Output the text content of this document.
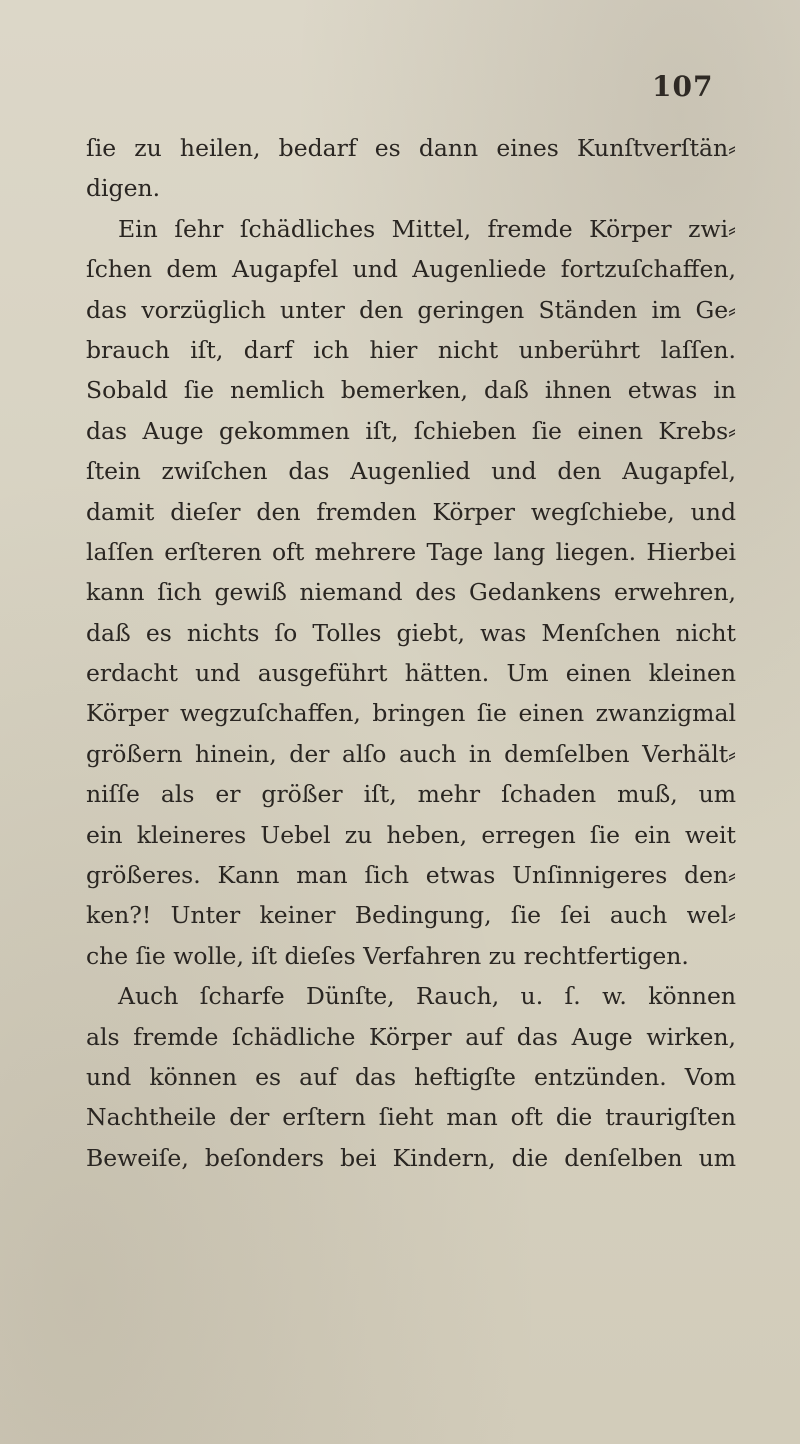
107
ſie zu heilen, bedarf es dann eines Kunſtverſtän⸗
digen.
Ein ſehr ſchädliches Mittel, fremde Körper zwi⸗
ſchen dem Augapfel und Augenliede fortzuſchaffen,
das vorzüglich unter den geringen Ständen im Ge⸗
brauch iſt, darf ich hier nicht unberührt laſſen.
Sobald ſie nemlich bemerken, daß ihnen etwas in
das Auge gekommen iſt, ſchieben ſie einen Krebs⸗
ſtein zwiſchen das Augenlied und den Augapfel,
damit dieſer den fremden Körper wegſchiebe, und
laſſen erſteren oft mehrere Tage lang liegen. Hierbei
kann ſich gewiß niemand des Gedankens erwehren,
daß es nichts ſo Tolles giebt, was Menſchen nicht
erdacht und ausgeführt hätten. Um einen kleinen
Körper wegzuſchaffen, bringen ſie einen zwanzigmal
größern hinein, der alſo auch in demſelben Verhält⸗
niſſe als er größer iſt, mehr ſchaden muß, um
ein kleineres Uebel zu heben, erregen ſie ein weit
größeres. Kann man ſich etwas Unſinnigeres den⸗
ken?! Unter keiner Bedingung, ſie ſei auch wel⸗
che ſie wolle, iſt dieſes Verfahren zu rechtfertigen.
Auch ſcharfe Dünſte, Rauch, u. ſ. w. können
als fremde ſchädliche Körper auf das Auge wirken,
und können es auf das heftigſte entzünden. Vom
Nachtheile der erſtern ſieht man oft die traurigſten
Beweiſe, beſonders bei Kindern, die denſelben um
